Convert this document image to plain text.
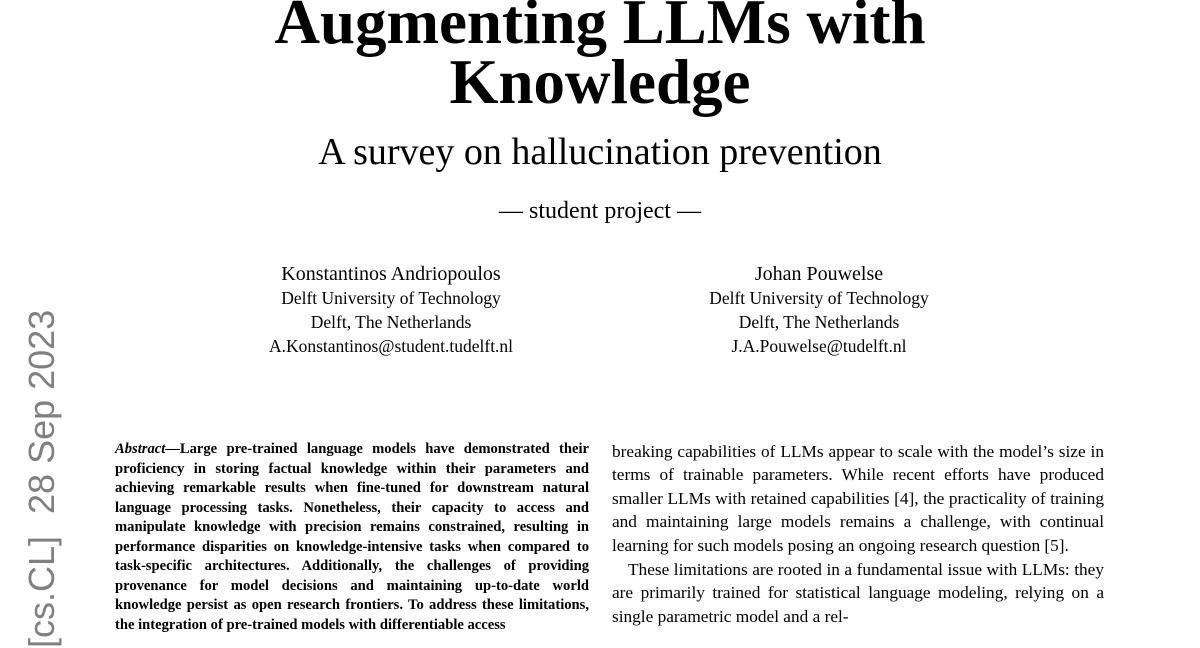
Augmenting LLMs with
Knowledge
A survey on hallucination prevention
— student project —
Konstantinos Andriopoulos
Delft University of Technology
Delft, The Netherlands
A.Konstantinos@student.tudelft.nl
Johan Pouwelse
Delft University of Technology
Delft, The Netherlands
J.A.Pouwelse@tudelft.nl
[cs.CL]28 Sep 2023	Abstract—Large pre-trained language models have demonstrated their proficiency in storing factual knowledge within their parameters and achieving remarkable results when fine-tuned for downstream natural language processing tasks. Nonetheless, their capacity to access and manipulate knowledge with precision remains constrained, resulting in performance disparities on knowledge-intensive tasks when compared to task-specific architectures. Additionally, the challenges of providing provenance for model decisions and maintaining up-to-date world knowledge persist as open research frontiers. To address these limitations, the integration of pre-trained models with differentiable access

breaking capabilities of LLMs appear to scale with the model’s size in terms of trainable parameters. While recent efforts have produced smaller LLMs with retained capabilities [4], the practicality of training and maintaining large models remains a challenge, with continual learning for such models posing an ongoing research question [5].

These limitations are rooted in a fundamental issue with LLMs: they are primarily trained for statistical language modeling, relying on a single parametric model and a rel-
